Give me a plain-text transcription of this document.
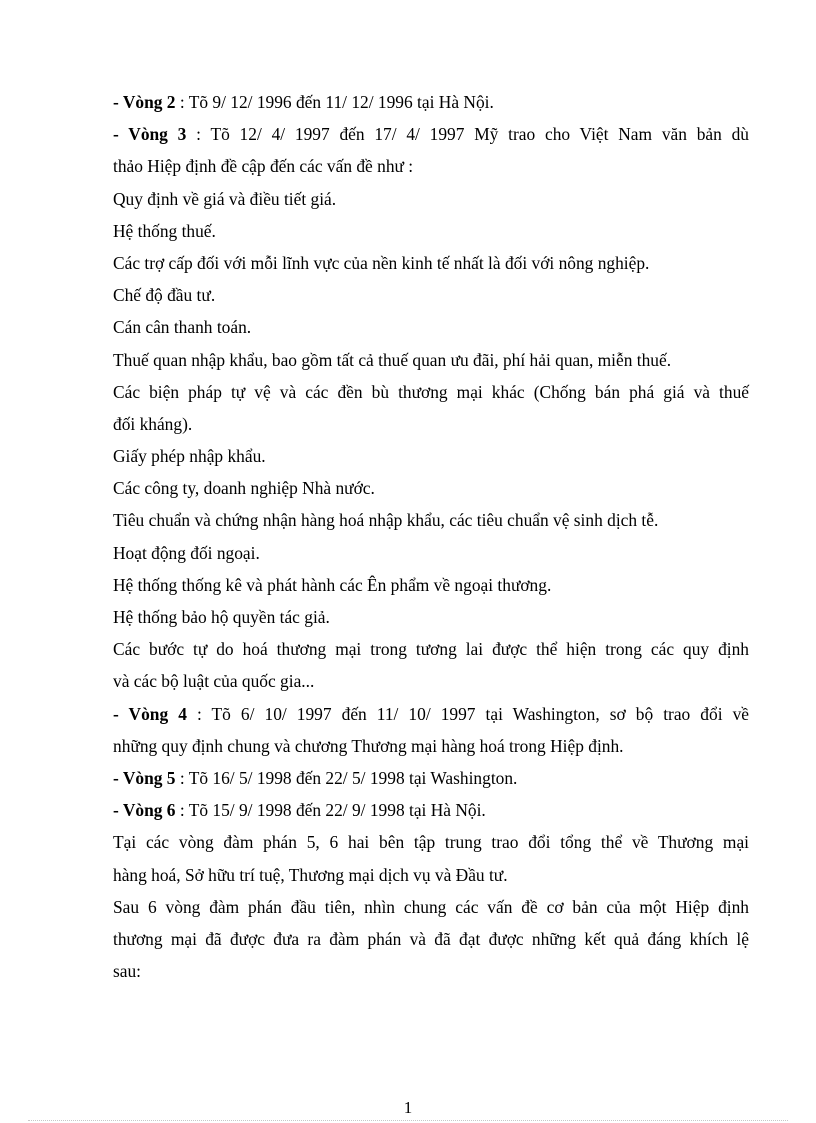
- Vòng 2 : Tõ 9/ 12/ 1996 đến 11/ 12/ 1996 tại Hà Nội.
- Vòng 3 : Tõ 12/ 4/ 1997 đến 17/ 4/ 1997 Mỹ trao cho Việt Nam văn bản dù
thảo Hiệp định đề cập đến các vấn đề như :
Quy định về giá và điều tiết giá.
Hệ thống thuế.
Các trợ cấp đối với mỗi lĩnh vực của nền kinh tế nhất là đối với nông nghiệp.
Chế độ đầu tư.
Cán cân thanh toán.
Thuế quan nhập khẩu, bao gồm tất cả thuế quan ưu đãi, phí hải quan, miễn thuế.
Các biện pháp tự vệ và các đền bù thương mại khác (Chống bán phá giá và thuế
đối kháng).
Giấy phép nhập khẩu.
Các công ty, doanh nghiệp Nhà nước.
Tiêu chuẩn và chứng nhận hàng hoá nhập khẩu, các tiêu chuẩn vệ sinh dịch tễ.
Hoạt động đối ngoại.
Hệ thống thống kê và phát hành các Ên phẩm về ngoại thương.
Hệ thống bảo hộ quyền tác giả.
Các bước tự do hoá thương mại trong tương lai được thể hiện trong các quy định
và các bộ luật của quốc gia...
- Vòng 4 : Tõ 6/ 10/ 1997 đến 11/ 10/ 1997 tại Washington, sơ bộ trao đổi về
những quy định chung và chương Thương mại hàng hoá trong Hiệp định.
- Vòng 5 : Tõ 16/ 5/ 1998 đến 22/ 5/ 1998 tại Washington.
- Vòng 6 : Tõ 15/ 9/ 1998 đến 22/ 9/ 1998 tại Hà Nội.
Tại các vòng đàm phán 5, 6 hai bên tập trung trao đổi tổng thể về Thương mại
hàng hoá, Sở hữu trí tuệ, Thương mại dịch vụ và Đầu tư.
Sau 6 vòng đàm phán đầu tiên, nhìn chung các vấn đề cơ bản của một Hiệp định
thương mại đã được đưa ra đàm phán và đã đạt được những kết quả đáng khích lệ
sau:
1
